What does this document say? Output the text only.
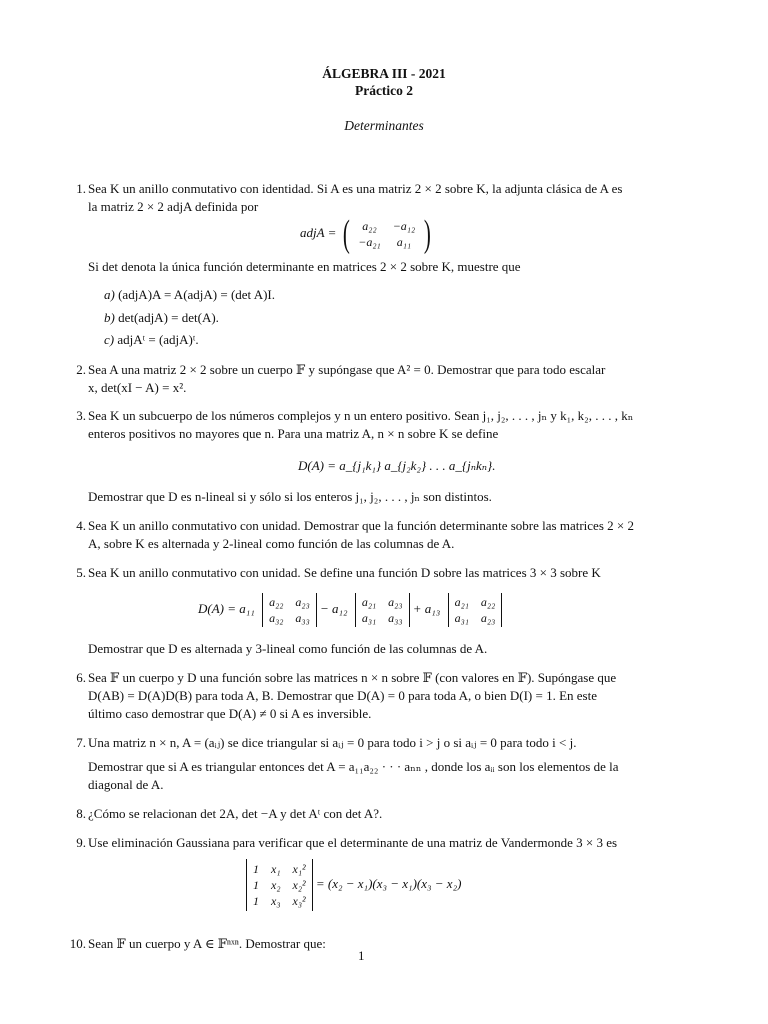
ÁLGEBRA III - 2021
Práctico 2
Determinantes
1. Sea K un anillo conmutativo con identidad. Si A es una matriz 2 × 2 sobre K, la adjunta clásica de A es
la matriz 2 × 2 adjA definida por
adjA = ( a₂₂	−a₁₂
−a₂₁	a₁₁ )
Si det denota la única función determinante en matrices 2 × 2 sobre K, muestre que
a) (adjA)A = A(adjA) = (det A)I.
b) det(adjA) = det(A).
c) adjAᵗ = (adjA)ᵗ.
2. Sea A una matriz 2 × 2 sobre un cuerpo 𝔽 y supóngase que A² = 0. Demostrar que para todo escalar
x, det(xI − A) = x².
3. Sea K un subcuerpo de los números complejos y n un entero positivo. Sean j₁, j₂, . . . , jₙ y k₁, k₂, . . . , kₙ
enteros positivos no mayores que n. Para una matriz A, n × n sobre K se define
D(A) = a_{j₁k₁} a_{j₂k₂} . . . a_{jₙkₙ}.
Demostrar que D es n-lineal si y sólo si los enteros j₁, j₂, . . . , jₙ son distintos.
4. Sea K un anillo conmutativo con unidad. Demostrar que la función determinante sobre las matrices 2 × 2
A, sobre K es alternada y 2-lineal como función de las columnas de A.
5. Sea K un anillo conmutativo con unidad. Se define una función D sobre las matrices 3 × 3 sobre K
D(A) = a₁₁ a₂₂	a₂₃
a₃₂	a₃₃ − a₁₂ a₂₁	a₂₃
a₃₁	a₃₃ + a₁₃ a₂₁	a₂₂
a₃₁	a₂₃
Demostrar que D es alternada y 3-lineal como función de las columnas de A.
6. Sea 𝔽 un cuerpo y D una función sobre las matrices n × n sobre 𝔽 (con valores en 𝔽). Supóngase que
D(AB) = D(A)D(B) para toda A, B. Demostrar que D(A) = 0 para toda A, o bien D(I) = 1. En este
último caso demostrar que D(A) ≠ 0 si A es inversible.
7. Una matriz n × n, A = (aᵢⱼ) se dice triangular si aᵢⱼ = 0 para todo i > j o si aᵢⱼ = 0 para todo i < j.
Demostrar que si A es triangular entonces det A = a₁₁a₂₂ · · · aₙₙ , donde los aᵢᵢ son los elementos de la
diagonal de A.
8. ¿Cómo se relacionan det 2A, det −A y det Aᵗ con det A?.
9. Use eliminación Gaussiana para verificar que el determinante de una matriz de Vandermonde 3 × 3 es
1	x₁	x₁²
1	x₂	x₂²
1	x₃	x₃² = (x₂ − x₁)(x₃ − x₁)(x₃ − x₂)
10. Sean 𝔽 un cuerpo y A ∈ 𝔽ⁿˣⁿ. Demostrar que:
1
